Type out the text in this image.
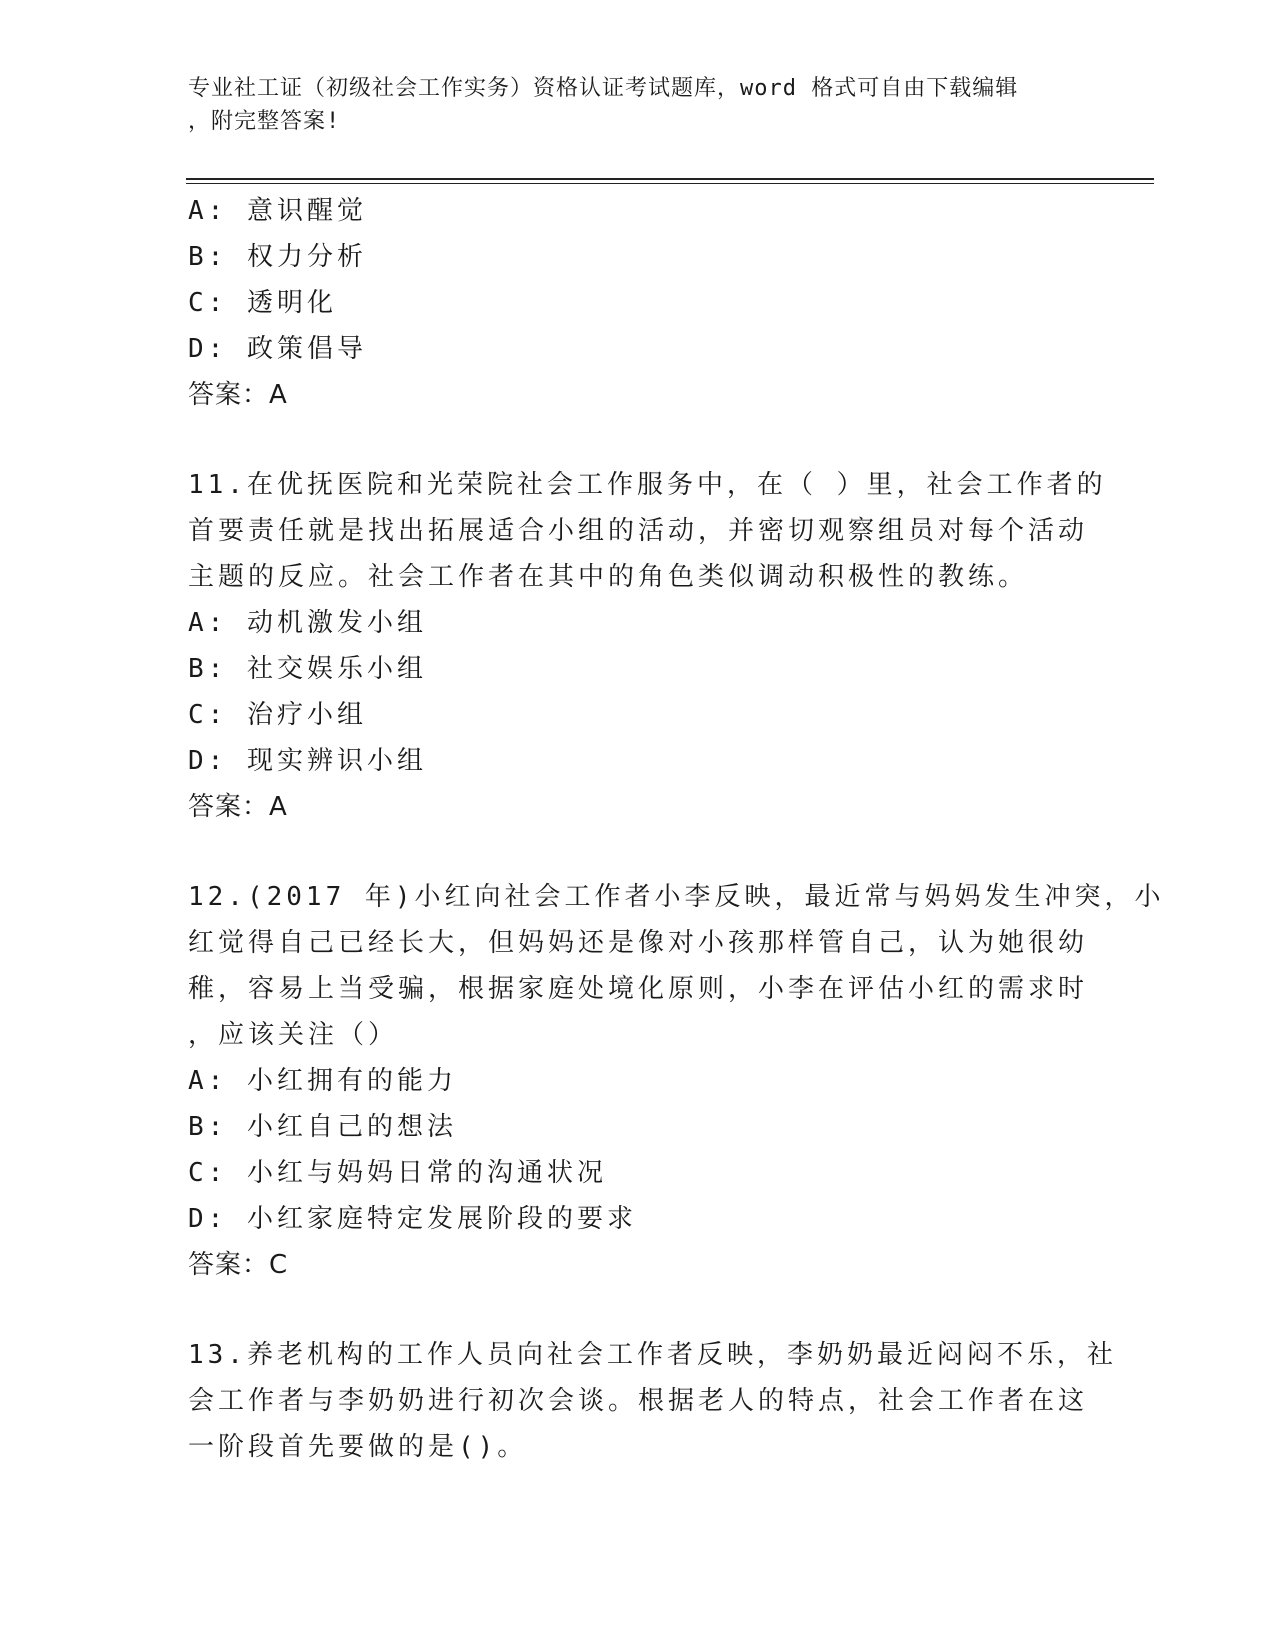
专业社工证（初级社会工作实务）资格认证考试题库，word 格式可自由下载编辑
，附完整答案!
A: 意识醒觉
B: 权力分析
C: 透明化
D: 政策倡导
答案：A
11.在优抚医院和光荣院社会工作服务中，在（ ）里，社会工作者的
首要责任就是找出拓展适合小组的活动，并密切观察组员对每个活动
主题的反应。社会工作者在其中的角色类似调动积极性的教练。
A: 动机激发小组
B: 社交娱乐小组
C: 治疗小组
D: 现实辨识小组
答案：A
12.(2017 年)小红向社会工作者小李反映，最近常与妈妈发生冲突，小
红觉得自己已经长大，但妈妈还是像对小孩那样管自己，认为她很幼
稚，容易上当受骗，根据家庭处境化原则，小李在评估小红的需求时
，应该关注（）
A: 小红拥有的能力
B: 小红自己的想法
C: 小红与妈妈日常的沟通状况
D: 小红家庭特定发展阶段的要求
答案：C
13.养老机构的工作人员向社会工作者反映，李奶奶最近闷闷不乐，社
会工作者与李奶奶进行初次会谈。根据老人的特点，社会工作者在这
一阶段首先要做的是()。
